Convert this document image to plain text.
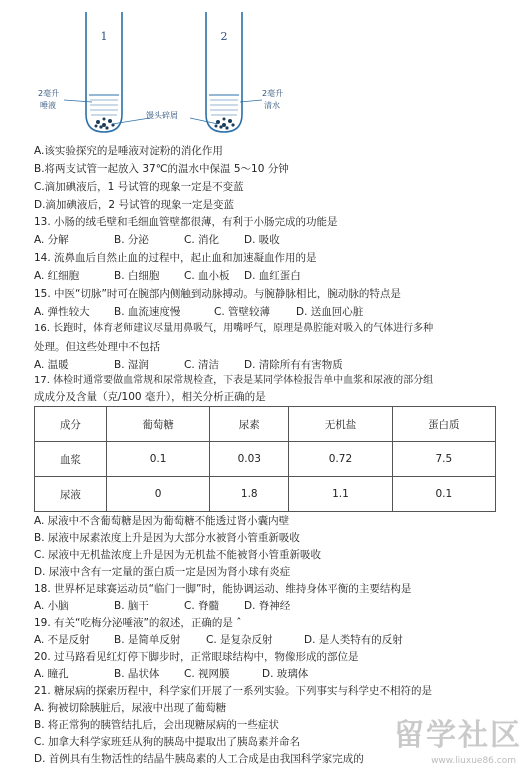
1	2
2毫升
唾液
馒头碎屑
2毫升
清水
A.该实验探究的是唾液对淀粉的消化作用
B.将两支试管一起放入 37℃的温水中保温 5～10 分钟
C.滴加碘液后，1 号试管的现象一定是不变蓝
D.滴加碘液后，2 号试管的现象一定是变蓝
13. 小肠的绒毛壁和毛细血管壁都很薄，有利于小肠完成的功能是
A. 分解	B. 分泌	C. 消化 D. 吸收
14. 流鼻血后自然止血的过程中，起止血和加速凝血作用的是
A. 红细胞	B. 白细胞 C. 血小板 D. 血红蛋白
15. 中医“切脉”时可在腕部内侧触到动脉搏动。与腕静脉相比，腕动脉的特点是
A. 弹性较大 B. 血流速度慢	C. 管壁较薄 D. 送血回心脏
16. 长跑时，体育老师建议尽量用鼻吸气，用嘴呼气，原理是鼻腔能对吸入的气体进行多种
处理。但这些处理中不包括
A. 温暖	B. 湿润	C. 清洁 D. 清除所有有害物质
17. 体检时通常要做血常规和尿常规检查，下表是某同学体检报告单中血浆和尿液的部分组
成成分及含量（克/100 毫升），相关分析正确的是
成分	葡萄糖	尿素	无机盐	蛋白质
血浆	0.1	0.03	0.72	7.5
尿液	0	1.8	1.1	0.1
A. 尿液中不含葡萄糖是因为葡萄糖不能透过肾小囊内壁
B. 尿液中尿素浓度上升是因为大部分水被肾小管重新吸收
C. 尿液中无机盐浓度上升是因为无机盐不能被肾小管重新吸收
D. 尿液中含有一定量的蛋白质一定是因为肾小球有炎症
18. 世界杯足球赛运动员“临门一脚”时，能协调运动、维持身体平衡的主要结构是
A. 小脑	B. 脑干	C. 脊髓 D. 脊神经
19. 有关“吃梅分泌唾液”的叙述，正确的是 ˆ
A. 不是反射 B. 是简单反射 C. 是复杂反射	D. 是人类特有的反射
20. 过马路看见红灯停下脚步时，正常眼球结构中，物像形成的部位是
A. 瞳孔	B. 晶状体 C. 视网膜	D. 玻璃体
21. 糖尿病的探索历程中，科学家们开展了一系列实验。下列事实与科学史不相符的是
A. 狗被切除胰脏后，尿液中出现了葡萄糖
B. 将正常狗的胰管结扎后，会出现糖尿病的一些症状
C. 加拿大科学家班廷从狗的胰岛中提取出了胰岛素并命名
D. 首例具有生物活性的结晶牛胰岛素的人工合成是由我国科学家完成的
留学社区
www.liuxue86.com
